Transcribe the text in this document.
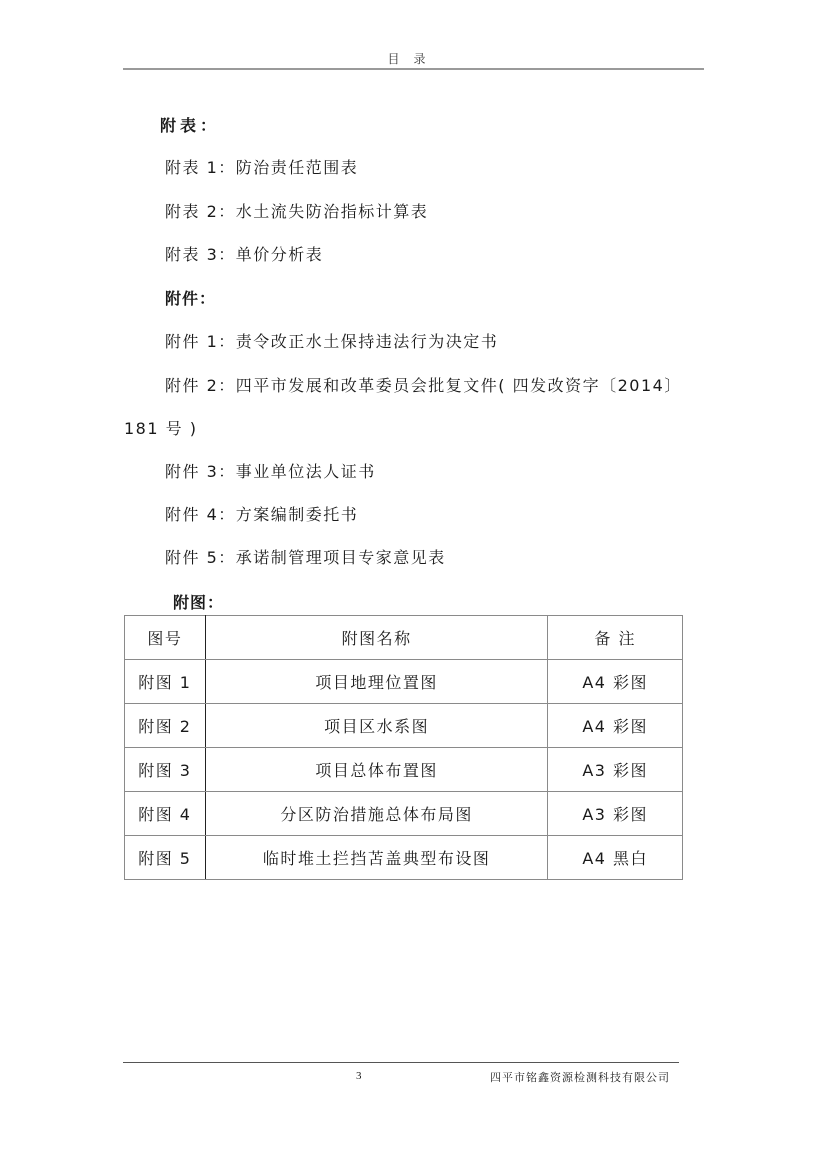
目录
附表：
附表 1：防治责任范围表
附表 2：水土流失防治指标计算表
附表 3：单价分析表
附件：
附件 1：责令改正水土保持违法行为决定书
附件 2：四平市发展和改革委员会批复文件( 四发改资字〔2014〕
181 号 )
附件 3：事业单位法人证书
附件 4：方案编制委托书
附件 5：承诺制管理项目专家意见表
附图：
图号	附图名称	备 注
附图 1	项目地理位置图	A4 彩图
附图 2	项目区水系图	A4 彩图
附图 3	项目总体布置图	A3 彩图
附图 4	分区防治措施总体布局图	A3 彩图
附图 5	临时堆土拦挡苫盖典型布设图	A4 黑白
3	四平市铭鑫资源检测科技有限公司
